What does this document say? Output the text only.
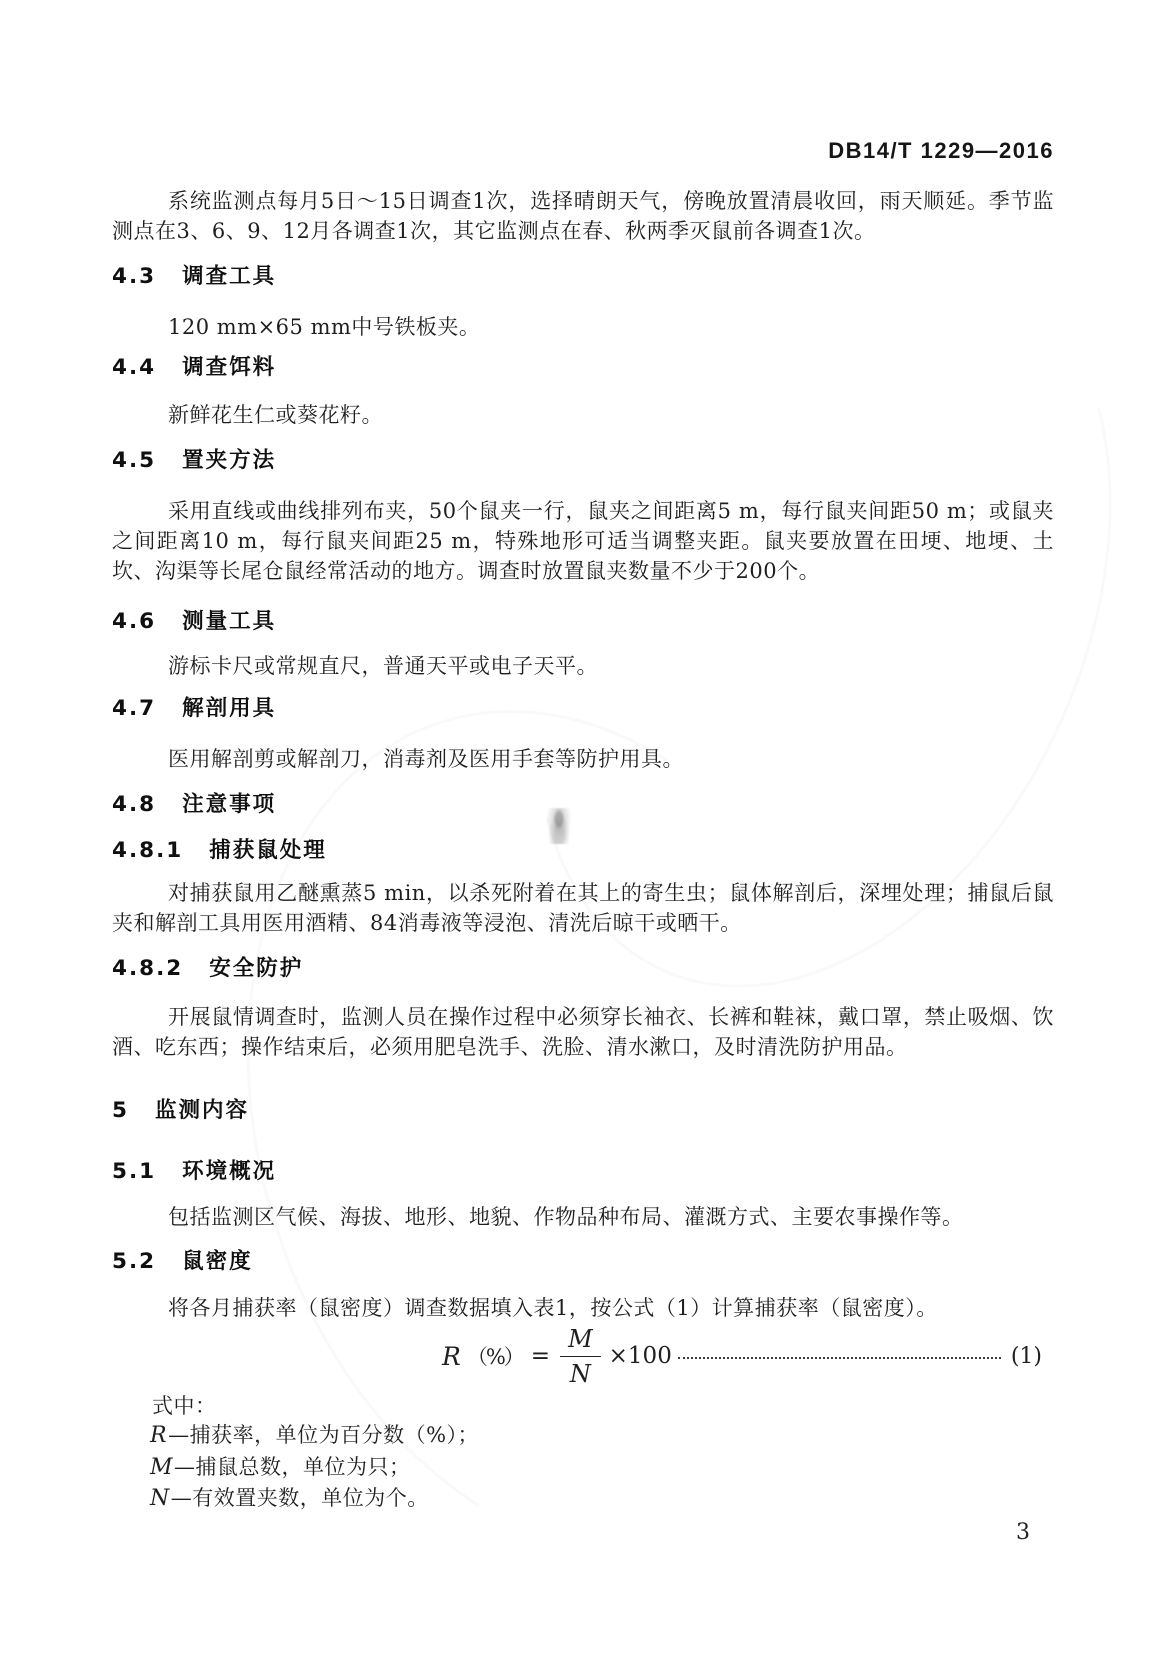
DB14/T 1229—2016
系统监测点每月5日～15日调查1次，选择晴朗天气，傍晚放置清晨收回，雨天顺延。季节监测点在3、6、9、12月各调查1次，其它监测点在春、秋两季灭鼠前各调查1次。
4.3 调查工具
120 mm×65 mm中号铁板夹。
4.4 调查饵料
新鲜花生仁或葵花籽。
4.5 置夹方法
采用直线或曲线排列布夹，50个鼠夹一行，鼠夹之间距离5 m，每行鼠夹间距50 m；或鼠夹之间距离10 m，每行鼠夹间距25 m，特殊地形可适当调整夹距。鼠夹要放置在田埂、地埂、土坎、沟渠等长尾仓鼠经常活动的地方。调查时放置鼠夹数量不少于200个。
4.6 测量工具
游标卡尺或常规直尺，普通天平或电子天平。
4.7 解剖用具
医用解剖剪或解剖刀，消毒剂及医用手套等防护用具。
4.8 注意事项
4.8.1 捕获鼠处理
对捕获鼠用乙醚熏蒸5 min，以杀死附着在其上的寄生虫；鼠体解剖后，深埋处理；捕鼠后鼠夹和解剖工具用医用酒精、84消毒液等浸泡、清洗后晾干或晒干。
4.8.2 安全防护
开展鼠情调查时，监测人员在操作过程中必须穿长袖衣、长裤和鞋袜，戴口罩，禁止吸烟、饮酒、吃东西；操作结束后，必须用肥皂洗手、洗脸、清水漱口，及时清洗防护用品。
5 监测内容
5.1 环境概况
包括监测区气候、海拔、地形、地貌、作物品种布局、灌溉方式、主要农事操作等。
5.2 鼠密度
将各月捕获率（鼠密度）调查数据填入表1，按公式（1）计算捕获率（鼠密度）。
R （%） = $\frac{M}{N} \times 100$	(1)
式中：
R—捕获率，单位为百分数（%）；
M—捕鼠总数，单位为只；
N—有效置夹数，单位为个。
3
